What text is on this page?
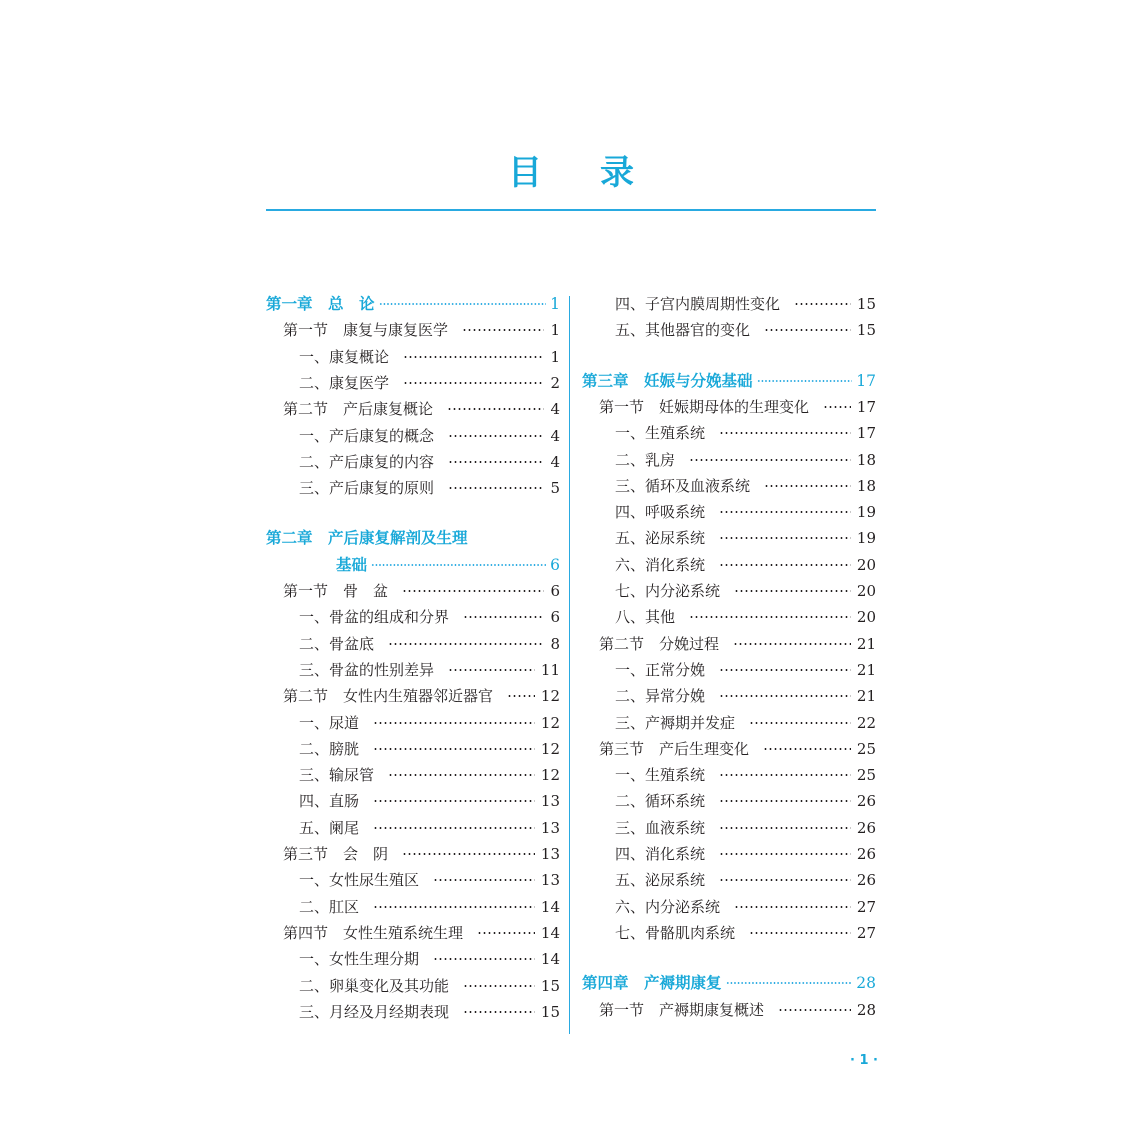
目 录
第一章　总　论	1
第一节　康复与康复医学	1
一、康复概论	1
二、康复医学	2
第二节　产后康复概论	4
一、产后康复的概念	4
二、产后康复的内容	4
三、产后康复的原则	5
第二章　产后康复解剖及生理
基础	6
第一节　骨　盆	6
一、骨盆的组成和分界	6
二、骨盆底	8
三、骨盆的性别差异	11
第二节　女性内生殖器邻近器官	12
一、尿道	12
二、膀胱	12
三、输尿管	12
四、直肠	13
五、阑尾	13
第三节　会　阴	13
一、女性尿生殖区	13
二、肛区	14
第四节　女性生殖系统生理	14
一、女性生理分期	14
二、卵巢变化及其功能	15
三、月经及月经期表现	15
四、子宫内膜周期性变化	15
五、其他器官的变化	15
第三章　妊娠与分娩基础	17
第一节　妊娠期母体的生理变化	17
一、生殖系统	17
二、乳房	18
三、循环及血液系统	18
四、呼吸系统	19
五、泌尿系统	19
六、消化系统	20
七、内分泌系统	20
八、其他	20
第二节　分娩过程	21
一、正常分娩	21
二、异常分娩	21
三、产褥期并发症	22
第三节　产后生理变化	25
一、生殖系统	25
二、循环系统	26
三、血液系统	26
四、消化系统	26
五、泌尿系统	26
六、内分泌系统	27
七、骨骼肌肉系统	27
第四章　产褥期康复	28
第一节　产褥期康复概述	28
· 1 ·
